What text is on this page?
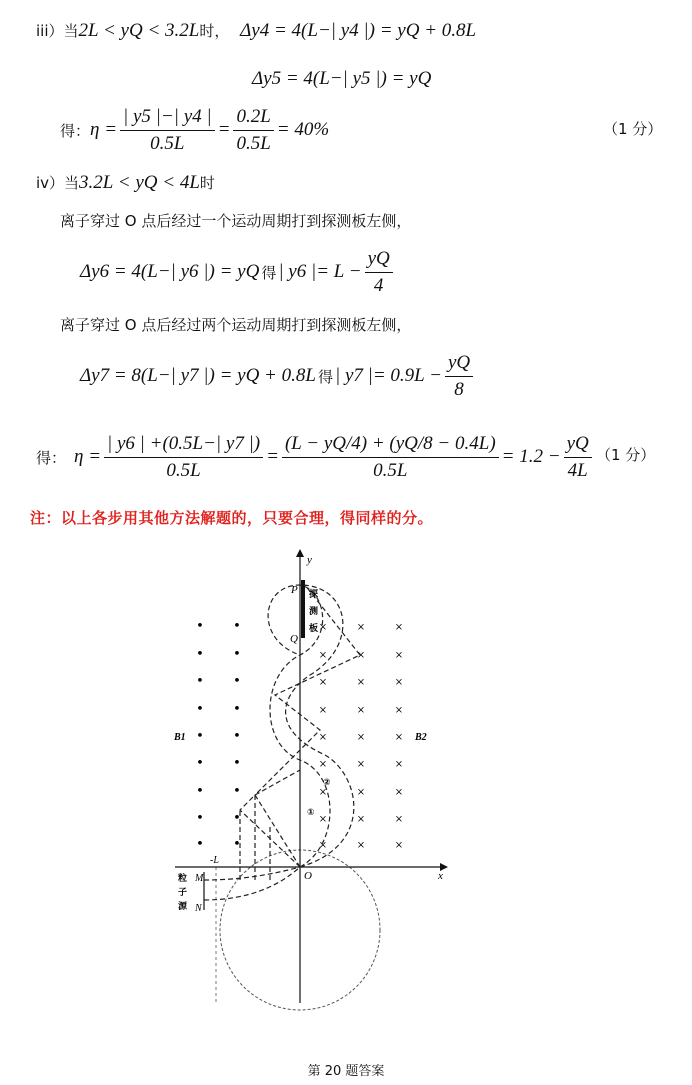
iii）当2L < yQ < 3.2L时， Δy4 = 4(L−| y4 |) = yQ + 0.8L
Δy5 = 4(L−| y5 |) = yQ
得： $\eta = \frac{| y5 |-| y4 |}{0.5L} = \frac{0.2L}{0.5L} = 40\%$	（1 分）
iv）当3.2L < yQ < 4L时
离子穿过 O 点后经过一个运动周期打到探测板左侧，
Δy6 = 4(L−| y6 |) = yQ 得 | y6 |= $L - \frac{yQ}{4}$
离子穿过 O 点后经过两个运动周期打到探测板左侧，
Δy7 = 8(L−| y7 |) = yQ + 0.8L 得 | y7 |= $0.9L - \frac{yQ}{8}$
得： $\eta = \frac{| y6 | +(0.5L-| y7 |)}{0.5L} = \frac{(L - yQ/4) + (yQ/8 - 0.4L)}{0.5L} = 1.2 - \frac{yQ}{4L} (1$ 分）
注：以上各步用其他方法解题的，只要合理，得同样的分。
• •
• •
• •
• •
• •
• •
• •
• •
• •
×	×	×
×	×	×
×	×	×
×	×	×
×	×	×
×	×	×
×	×	×
×	×	×
×	×	×
y
x
O
P
Q
B1	B2
-L
M
N
①
②
探
测
板
粒
子
源
第 20 题答案
